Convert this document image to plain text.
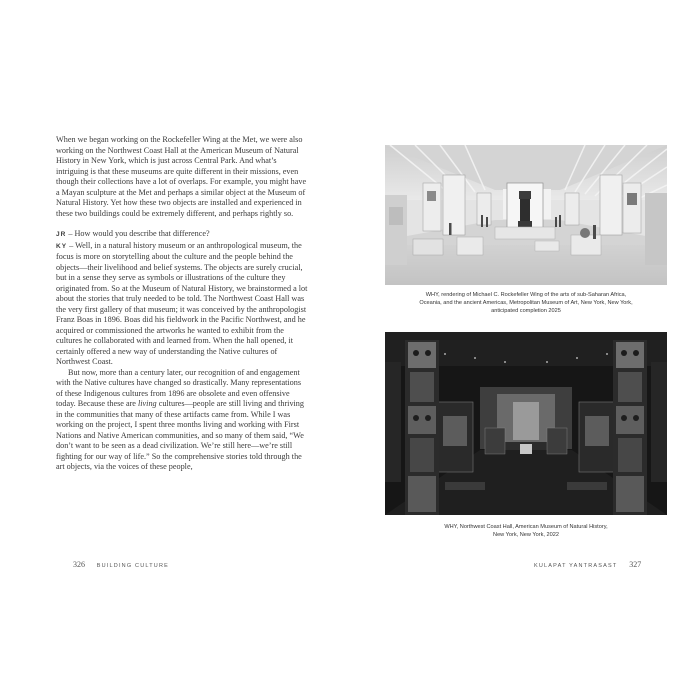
When we began working on the Rockefeller Wing at the Met, we were also working on the Northwest Coast Hall at the American Museum of Natural History in New York, which is just across Central Park. And what’s intriguing is that these museums are quite different in their missions, even though their collections have a lot of overlaps. For example, you might have a Mayan sculpture at the Met and perhaps a similar object at the Museum of Natural History. Yet how these two objects are installed and experienced in these two buildings could be extremely different, and perhaps rightly so.

JR – How would you describe that difference?

KY – Well, in a natural history museum or an anthropological museum, the focus is more on storytelling about the culture and the people behind the objects—their livelihood and belief systems. The objects are surely crucial, but in a sense they serve as symbols or illustrations of the culture they originated from. So at the Museum of Natural History, we brainstormed a lot about the stories that truly needed to be told. The Northwest Coast Hall was the very first gallery of that museum; it was conceived by the anthropologist Franz Boas in 1896. Boas did his fieldwork in the Pacific Northwest, and he acquired or commissioned the artworks he wanted to exhibit from the cultures he collaborated with and learned from. When the hall opened, it certainly offered a new way of understanding the Native cultures of Northwest Coast.

But now, more than a century later, our recognition of and engagement with the Native cultures have changed so drastically. Many representations of these Indigenous cultures from 1896 are obsolete and even offensive today. Because these are living cultures—people are still living and thriving in the communities that many of these artifacts came from. While I was working on the project, I spent three months living and working with First Nations and Native American communities, and so many of them said, “We don’t want to be seen as a dead civilization. We’re still here—we’re still fighting for our way of life.” So the comprehensive stories told through the art objects, via the voices of these people,

326 BUILDING CULTURE
WHY, rendering of Michael C. Rockefeller Wing of the arts of sub-Saharan Africa,
Oceania, and the ancient Americas, Metropolitan Museum of Art, New York, New York,
anticipated completion 2025
WHY, Northwest Coast Hall, American Museum of Natural History,
New York, New York, 2022
KULAPAT YANTRASAST 327
